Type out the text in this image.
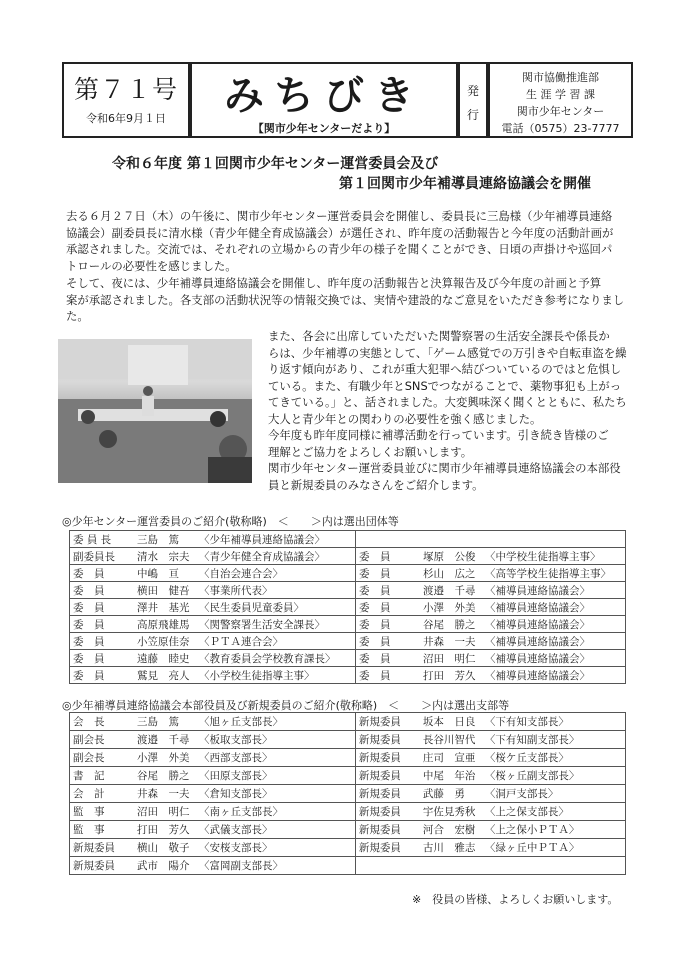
第７１号
令和6年9月１日	みちびき
【関市少年センターだより】
発
行
関市協働推進部
生 涯 学 習 課
関市少年センター
電話（0575）23-7777
令和６年度 第１回関市少年センター運営委員会及び
第１回関市少年補導員連絡協議会を開催
去る６月２７日（木）の午後に、関市少年センター運営委員会を開催し、委員長に三島様（少年補導員連絡
協議会）副委員長に清水様（青少年健全育成協議会）が選任され、昨年度の活動報告と今年度の活動計画が
承認されました。交流では、それぞれの立場からの青少年の様子を聞くことができ、日頃の声掛けや巡回パ
トロールの必要性を感じました。
そして、夜には、少年補導員連絡協議会を開催し、昨年度の活動報告と決算報告及び今年度の計画と予算
案が承認されました。各支部の活動状況等の情報交換では、実情や建設的なご意見をいただき参考になりまし
た。
また、各会に出席していただいた関警察署の生活安全課長や係長か
らは、少年補導の実態として、「ゲーム感覚での万引きや自転車盗を繰
り返す傾向があり、これが重大犯罪へ結びついているのではと危惧し
ている。また、有職少年とSNSでつながることで、薬物事犯も上がっ
てきている。」と、話されました。大変興味深く聞くとともに、私たち
大人と青少年との関わりの必要性を強く感じました。
今年度も昨年度同様に補導活動を行っています。引き続き皆様のご
理解とご協力をよろしくお願いします。
関市少年センター運営委員並びに関市少年補導員連絡協議会の本部役
員と新規委員のみなさんをご紹介します。
◎少年センター運営委員のご紹介(敬称略)　＜　　＞内は選出団体等
委 員 長 三島　篤 〈少年補導員連絡協議会〉	
副委員長 清水　宗夫 〈青少年健全育成協議会〉	委　員 塚原　公俊 〈中学校生徒指導主事〉
委　員 中嶋　亘 〈自治会連合会〉	委　員 杉山　広之 〈高等学校生徒指導主事〉
委　員 横田　健吾 〈事業所代表〉	委　員 渡邉　千尋 〈補導員連絡協議会〉
委　員 澤井　基光 〈民生委員児童委員〉	委　員 小澤　外美 〈補導員連絡協議会〉
委　員 高原飛雄馬 〈関警察署生活安全課長〉	委　員 谷尾　勝之 〈補導員連絡協議会〉
委　員 小笠原佳奈 〈ＰＴＡ連合会〉	委　員 井森　一夫 〈補導員連絡協議会〉
委　員 遠藤　睦史 〈教育委員会学校教育課長〉	委　員 沼田　明仁 〈補導員連絡協議会〉
委　員 鷲見　亮人 〈小学校生徒指導主事〉	委　員 打田　芳久 〈補導員連絡協議会〉
◎少年補導員連絡協議会本部役員及び新規委員のご紹介(敬称略)　＜　　＞内は選出支部等
会　長 三島　篤 〈旭ヶ丘支部長〉	新規委員 坂本　日良 〈下有知支部長〉
副会長 渡邉　千尋 〈板取支部長〉	新規委員 長谷川智代 〈下有知副支部長〉
副会長 小澤　外美 〈西部支部長〉	新規委員 庄司　宣亜 〈桜ケ丘支部長〉
書　記 谷尾　勝之 〈田原支部長〉	新規委員 中尾　年治 〈桜ヶ丘副支部長〉
会　計 井森　一夫 〈倉知支部長〉	新規委員 武藤　勇 〈洞戸支部長〉
監　事 沼田　明仁 〈南ヶ丘支部長〉	新規委員 宇佐見秀秋 〈上之保支部長〉
監　事 打田　芳久 〈武儀支部長〉	新規委員 河合　宏樹 〈上之保小ＰＴＡ〉
新規委員 横山　敬子 〈安桜支部長〉	新規委員 古川　雅志 〈緑ヶ丘中ＰＴＡ〉
新規委員 武市　陽介 〈富岡副支部長〉	
※　役員の皆様、よろしくお願いします。
